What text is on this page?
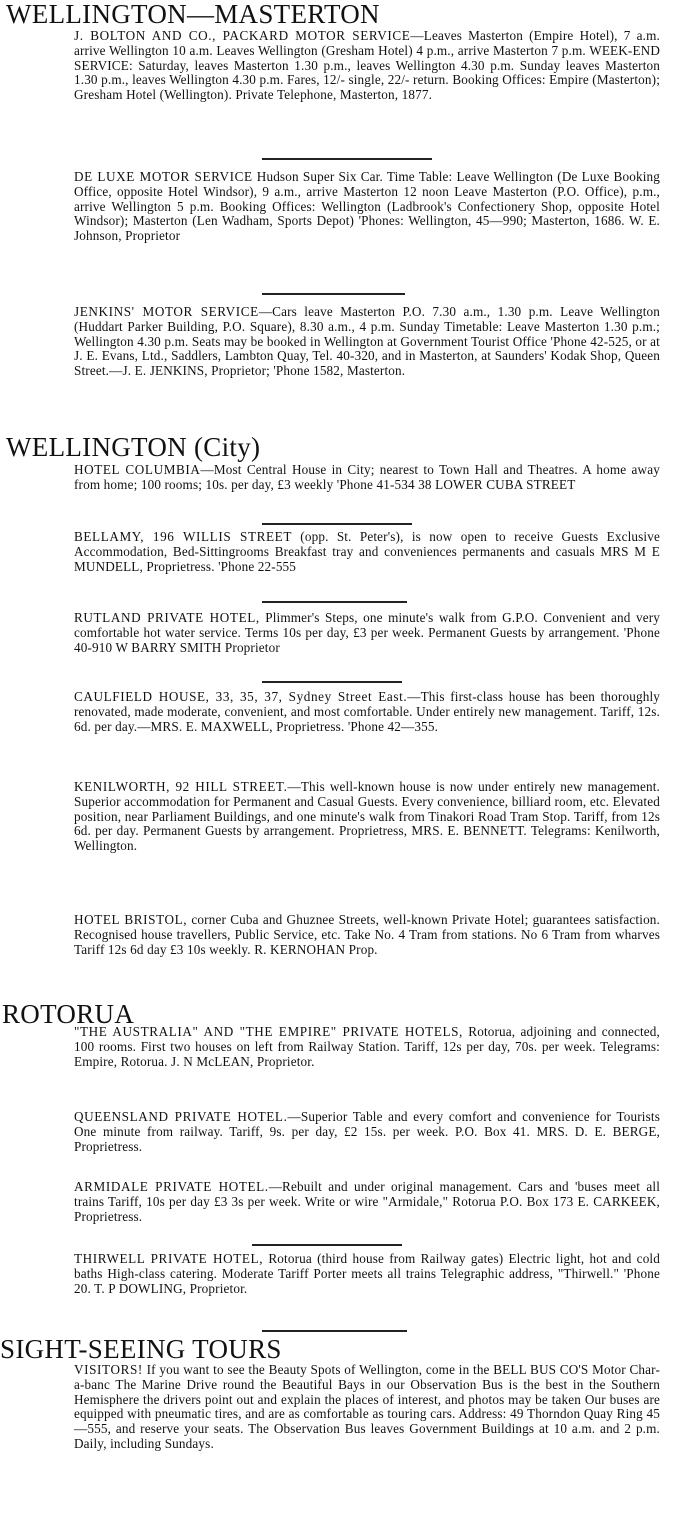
WELLINGTON—MASTERTON
J. BOLTON AND CO., PACKARD MOTOR SERVICE—Leaves Masterton (Empire Hotel), 7 a.m. arrive Wellington 10 a.m. Leaves Wellington (Gresham Hotel) 4 p.m., arrive Masterton 7 p.m. WEEK-END SERVICE: Saturday, leaves Masterton 1.30 p.m., leaves Wellington 4.30 p.m. Sunday leaves Masterton 1.30 p.m., leaves Wellington 4.30 p.m. Fares, 12/- single, 22/- return. Booking Offices: Empire (Masterton); Gresham Hotel (Wellington). Private Telephone, Masterton, 1877.
DE LUXE MOTOR SERVICE Hudson Super Six Car. Time Table: Leave Wellington (De Luxe Booking Office, opposite Hotel Windsor), 9 a.m., arrive Masterton 12 noon Leave Masterton (P.O. Office), p.m., arrive Wellington 5 p.m. Booking Offices: Wellington (Ladbrook's Confectionery Shop, opposite Hotel Windsor); Masterton (Len Wadham, Sports Depot) 'Phones: Wellington, 45—990; Masterton, 1686. W. E. Johnson, Proprietor
JENKINS' MOTOR SERVICE—Cars leave Masterton P.O. 7.30 a.m., 1.30 p.m. Leave Wellington (Huddart Parker Building, P.O. Square), 8.30 a.m., 4 p.m. Sunday Timetable: Leave Masterton 1.30 p.m.; Wellington 4.30 p.m. Seats may be booked in Wellington at Government Tourist Office 'Phone 42-525, or at J. E. Evans, Ltd., Saddlers, Lambton Quay, Tel. 40-320, and in Masterton, at Saunders' Kodak Shop, Queen Street.—J. E. JENKINS, Proprietor; 'Phone 1582, Masterton.
WELLINGTON (City)
HOTEL COLUMBIA—Most Central House in City; nearest to Town Hall and Theatres. A home away from home; 100 rooms; 10s. per day, £3 weekly 'Phone 41-534 38 LOWER CUBA STREET
BELLAMY, 196 WILLIS STREET (opp. St. Peter's), is now open to receive Guests Exclusive Accommodation, Bed-Sittingrooms Breakfast tray and conveniences permanents and casuals MRS M E MUNDELL, Proprietress. 'Phone 22-555
RUTLAND PRIVATE HOTEL, Plimmer's Steps, one minute's walk from G.P.O. Convenient and very comfortable hot water service. Terms 10s per day, £3 per week. Permanent Guests by arrangement. 'Phone 40-910 W BARRY SMITH Proprietor
CAULFIELD HOUSE, 33, 35, 37, Sydney Street East.—This first-class house has been thoroughly renovated, made moderate, convenient, and most comfortable. Under entirely new management. Tariff, 12s. 6d. per day.—MRS. E. MAXWELL, Proprietress. 'Phone 42—355.
KENILWORTH, 92 HILL STREET.—This well-known house is now under entirely new management. Superior accommodation for Permanent and Casual Guests. Every convenience, billiard room, etc. Elevated position, near Parliament Buildings, and one minute's walk from Tinakori Road Tram Stop. Tariff, from 12s 6d. per day. Permanent Guests by arrangement. Proprietress, MRS. E. BENNETT. Telegrams: Kenilworth, Wellington.
HOTEL BRISTOL, corner Cuba and Ghuznee Streets, well-known Private Hotel; guarantees satisfaction. Recognised house travellers, Public Service, etc. Take No. 4 Tram from stations. No 6 Tram from wharves Tariff 12s 6d day £3 10s weekly. R. KERNOHAN Prop.
ROTORUA
"THE AUSTRALIA" AND "THE EMPIRE" PRIVATE HOTELS, Rotorua, adjoining and connected, 100 rooms. First two houses on left from Railway Station. Tariff, 12s per day, 70s. per week. Telegrams: Empire, Rotorua. J. N McLEAN, Proprietor.
QUEENSLAND PRIVATE HOTEL.—Superior Table and every comfort and convenience for Tourists One minute from railway. Tariff, 9s. per day, £2 15s. per week. P.O. Box 41. MRS. D. E. BERGE, Proprietress.
ARMIDALE PRIVATE HOTEL.—Rebuilt and under original management. Cars and 'buses meet all trains Tariff, 10s per day £3 3s per week. Write or wire "Armidale," Rotorua P.O. Box 173 E. CARKEEK, Proprietress.
THIRWELL PRIVATE HOTEL, Rotorua (third house from Railway gates) Electric light, hot and cold baths High-class catering. Moderate Tariff Porter meets all trains Telegraphic address, "Thirwell." 'Phone 20. T. P DOWLING, Proprietor.
SIGHT-SEEING TOURS
VISITORS! If you want to see the Beauty Spots of Wellington, come in the BELL BUS CO'S Motor Char-a-banc The Marine Drive round the Beautiful Bays in our Observation Bus is the best in the Southern Hemisphere the drivers point out and explain the places of interest, and photos may be taken Our buses are equipped with pneumatic tires, and are as comfortable as touring cars. Address: 49 Thorndon Quay Ring 45—555, and reserve your seats. The Observation Bus leaves Government Buildings at 10 a.m. and 2 p.m. Daily, including Sundays.
